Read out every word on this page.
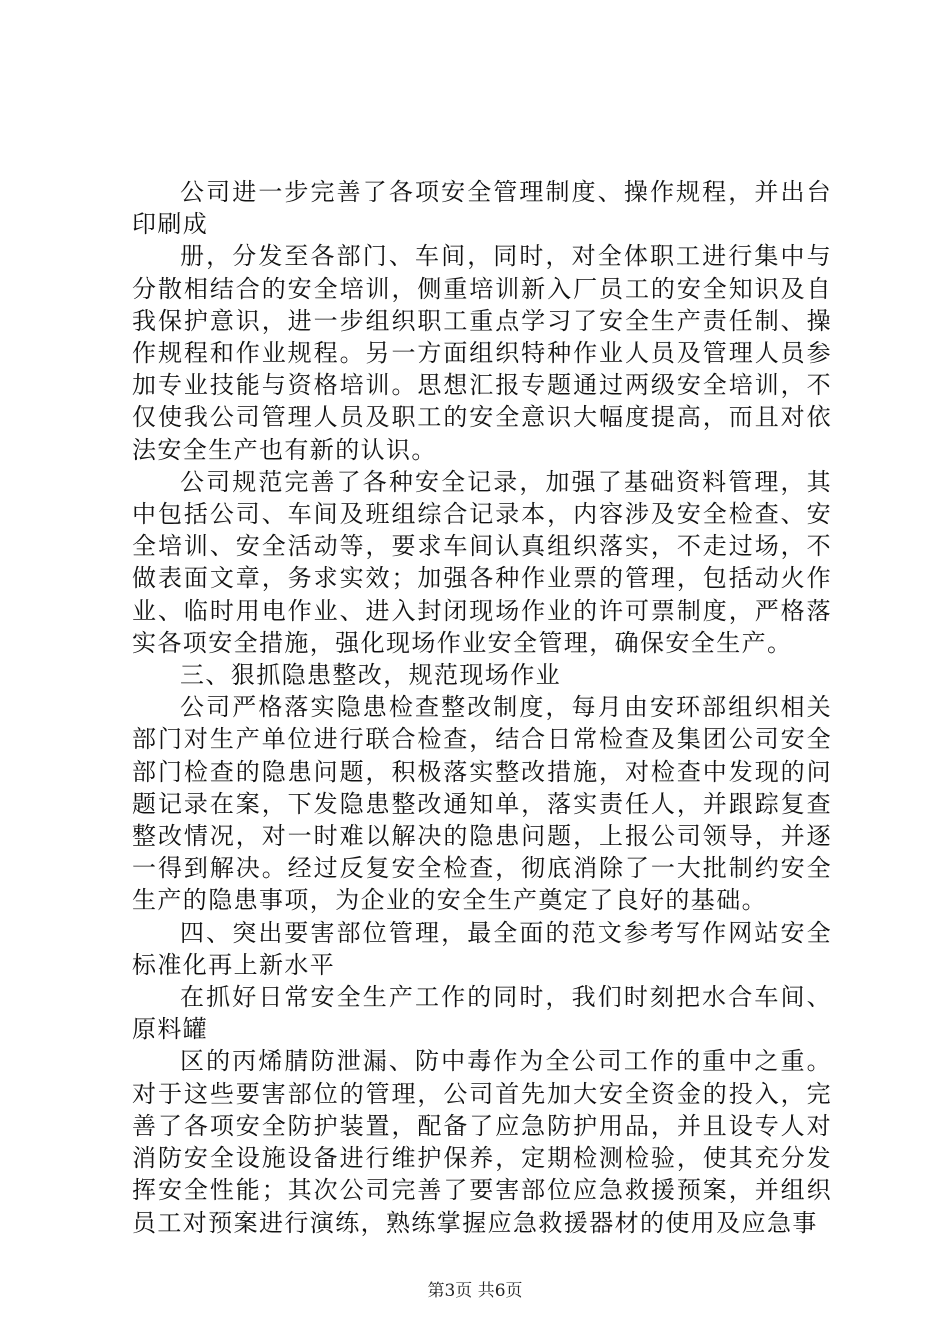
公司进一步完善了各项安全管理制度、操作规程，并出台印刷成

册，分发至各部门、车间，同时，对全体职工进行集中与分散相结合的安全培训，侧重培训新入厂员工的安全知识及自我保护意识，进一步组织职工重点学习了安全生产责任制、操作规程和作业规程。另一方面组织特种作业人员及管理人员参加专业技能与资格培训。思想汇报专题通过两级安全培训，不仅使我公司管理人员及职工的安全意识大幅度提高，而且对依法安全生产也有新的认识。

公司规范完善了各种安全记录，加强了基础资料管理，其中包括公司、车间及班组综合记录本，内容涉及安全检查、安全培训、安全活动等，要求车间认真组织落实，不走过场，不做表面文章，务求实效；加强各种作业票的管理，包括动火作业、临时用电作业、进入封闭现场作业的许可票制度，严格落实各项安全措施，强化现场作业安全管理，确保安全生产。

三、狠抓隐患整改，规范现场作业

公司严格落实隐患检查整改制度，每月由安环部组织相关部门对生产单位进行联合检查，结合日常检查及集团公司安全部门检查的隐患问题，积极落实整改措施，对检查中发现的问题记录在案，下发隐患整改通知单，落实责任人，并跟踪复查整改情况，对一时难以解决的隐患问题，上报公司领导，并逐一得到解决。经过反复安全检查，彻底消除了一大批制约安全生产的隐患事项，为企业的安全生产奠定了良好的基础。

四、突出要害部位管理，最全面的范文参考写作网站安全标准化再上新水平

在抓好日常安全生产工作的同时，我们时刻把水合车间、原料罐

区的丙烯腈防泄漏、防中毒作为全公司工作的重中之重。对于这些要害部位的管理，公司首先加大安全资金的投入，完善了各项安全防护装置，配备了应急防护用品，并且设专人对消防安全设施设备进行维护保养，定期检测检验，使其充分发挥安全性能；其次公司完善了要害部位应急救援预案，并组织员工对预案进行演练，熟练掌握应急救援器材的使用及应急事

第3页 共6页
